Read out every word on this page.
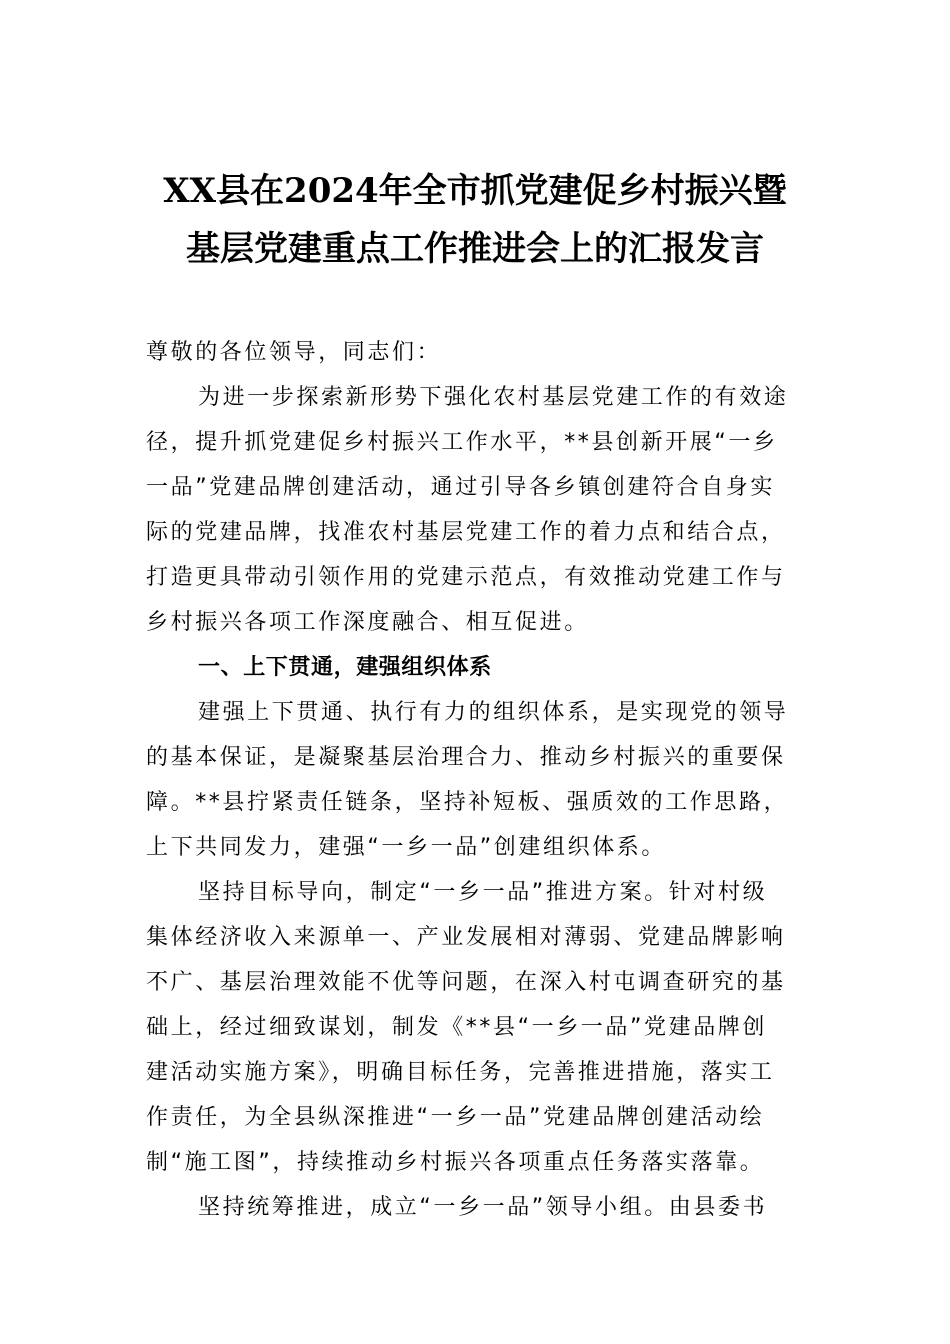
XX县在2024年全市抓党建促乡村振兴暨
基层党建重点工作推进会上的汇报发言
尊敬的各位领导，同志们：
为进一步探索新形势下强化农村基层党建工作的有效途
径，提升抓党建促乡村振兴工作水平，**县创新开展“一乡
一品”党建品牌创建活动，通过引导各乡镇创建符合自身实
际的党建品牌，找准农村基层党建工作的着力点和结合点，
打造更具带动引领作用的党建示范点，有效推动党建工作与
乡村振兴各项工作深度融合、相互促进。
一、上下贯通，建强组织体系
建强上下贯通、执行有力的组织体系，是实现党的领导
的基本保证，是凝聚基层治理合力、推动乡村振兴的重要保
障。**县拧紧责任链条，坚持补短板、强质效的工作思路，
上下共同发力，建强“一乡一品”创建组织体系。
坚持目标导向，制定“一乡一品”推进方案。针对村级
集体经济收入来源单一、产业发展相对薄弱、党建品牌影响
不广、基层治理效能不优等问题，在深入村屯调查研究的基
础上，经过细致谋划，制发《**县“一乡一品”党建品牌创
建活动实施方案》，明确目标任务，完善推进措施，落实工
作责任，为全县纵深推进“一乡一品”党建品牌创建活动绘
制“施工图”，持续推动乡村振兴各项重点任务落实落靠。
坚持统筹推进，成立“一乡一品”领导小组。由县委书
